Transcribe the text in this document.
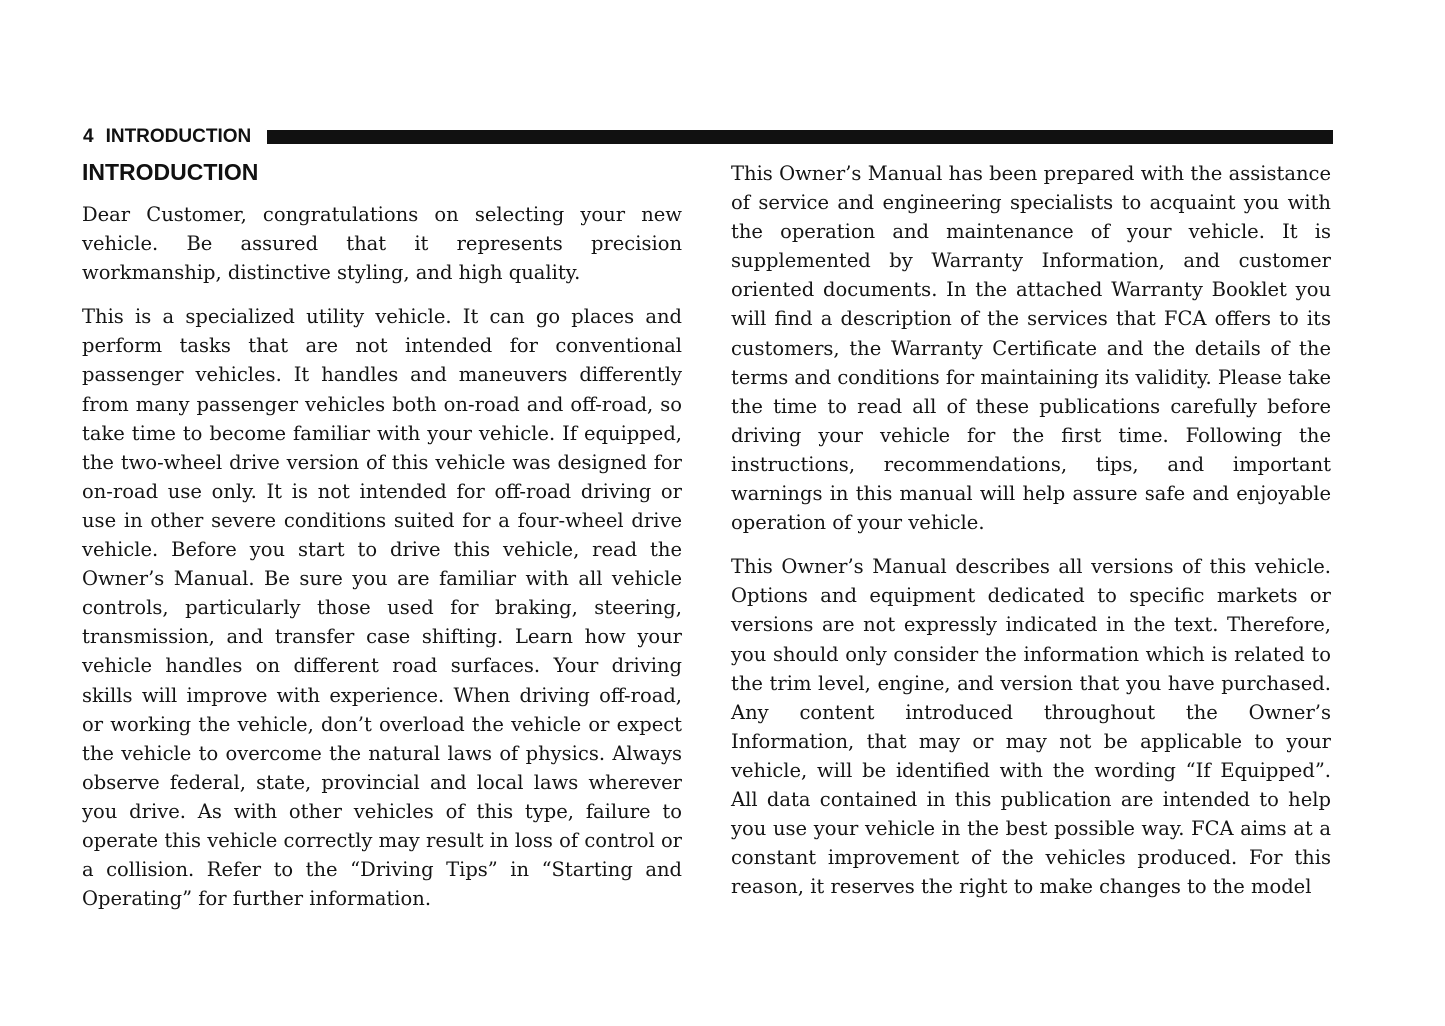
4 INTRODUCTION
INTRODUCTION

Dear Customer, congratulations on selecting your new vehicle. Be assured that it represents precision workmanship, distinctive styling, and high quality.

This is a specialized utility vehicle. It can go places and perform tasks that are not intended for conventional passenger vehicles. It handles and maneuvers differently from many passenger vehicles both on-road and off-road, so take time to become familiar with your vehicle. If equipped, the two-wheel drive version of this vehicle was designed for on-road use only. It is not intended for off-road driving or use in other severe conditions suited for a four-wheel drive vehicle. Before you start to drive this vehicle, read the Owner’s Manual. Be sure you are familiar with all vehicle controls, particularly those used for braking, steering, transmission, and transfer case shifting. Learn how your vehicle handles on different road surfaces. Your driving skills will improve with experience. When driving off-road, or working the vehicle, don’t overload the vehicle or expect the vehicle to overcome the natural laws of physics. Always observe federal, state, provincial and local laws wherever you drive. As with other vehicles of this type, failure to operate this vehicle correctly may result in loss of control or a collision. Refer to the “Driving Tips” in “Starting and Operating” for further information.

This Owner’s Manual has been prepared with the assistance of service and engineering specialists to acquaint you with the operation and maintenance of your vehicle. It is supplemented by Warranty Information, and customer oriented documents. In the attached Warranty Booklet you will find a description of the services that FCA offers to its customers, the Warranty Certificate and the details of the terms and conditions for maintaining its validity. Please take the time to read all of these publications carefully before driving your vehicle for the first time. Following the instructions, recommendations, tips, and important warnings in this manual will help assure safe and enjoyable operation of your vehicle.

This Owner’s Manual describes all versions of this vehicle. Options and equipment dedicated to specific markets or versions are not expressly indicated in the text. Therefore, you should only consider the information which is related to the trim level, engine, and version that you have purchased. Any content introduced throughout the Owner’s Information, that may or may not be applicable to your vehicle, will be identified with the wording “If Equipped”. All data contained in this publication are intended to help you use your vehicle in the best possible way. FCA aims at a constant improvement of the vehicles produced. For this reason, it reserves the right to make changes to the model
